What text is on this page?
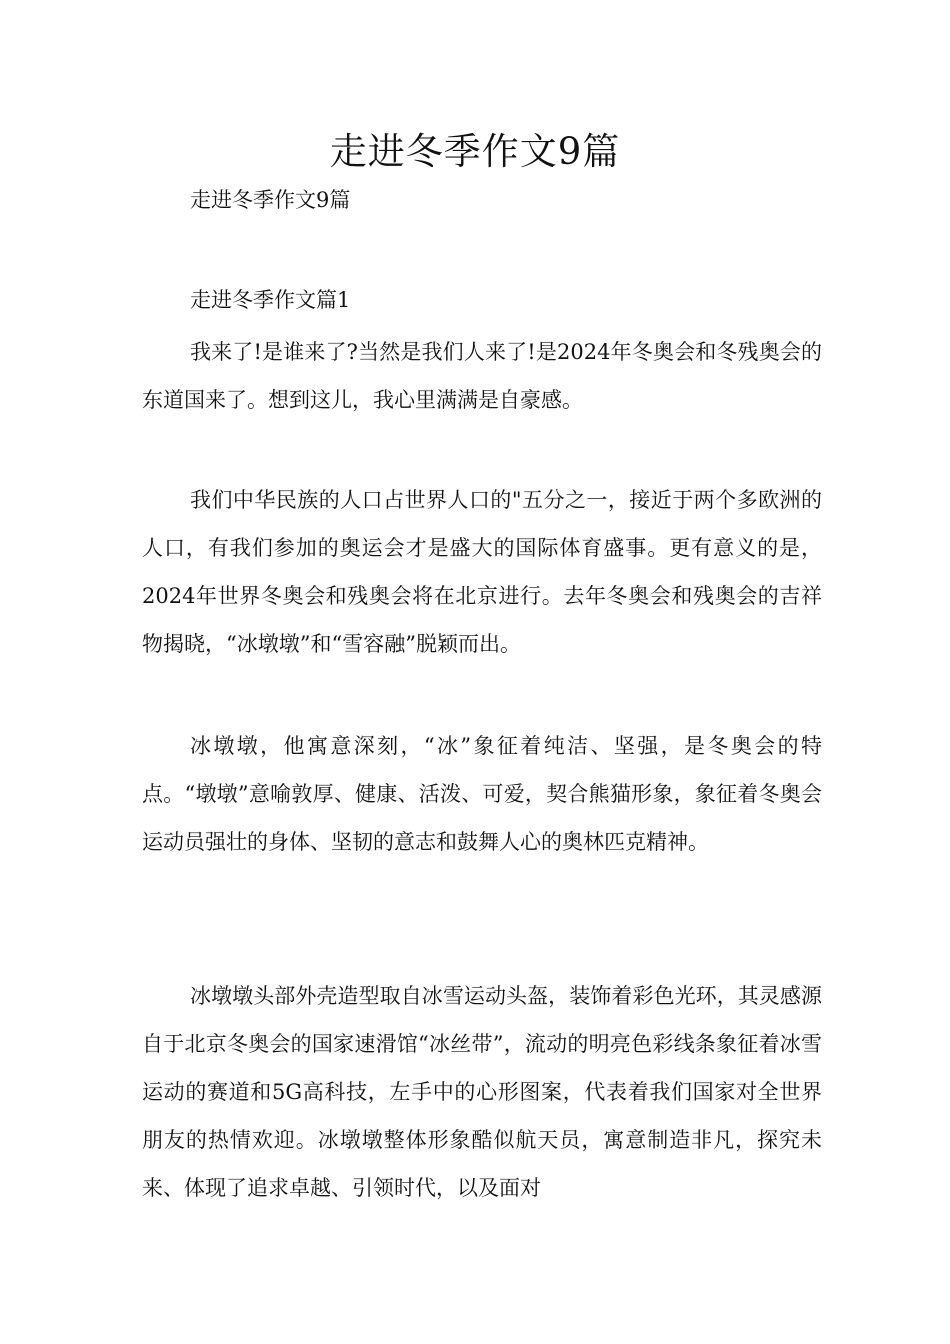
走进冬季作文9篇

走进冬季作文9篇

走进冬季作文篇1

我来了!是谁来了?当然是我们人来了!是2024年冬奥会和冬残奥会的东道国来了。想到这儿，我心里满满是自豪感。

我们中华民族的人口占世界人口的"五分之一，接近于两个多欧洲的人口，有我们参加的奥运会才是盛大的国际体育盛事。更有意义的是，2024年世界冬奥会和残奥会将在北京进行。去年冬奥会和残奥会的吉祥物揭晓，“冰墩墩”和“雪容融”脱颖而出。

冰墩墩，他寓意深刻，“冰”象征着纯洁、坚强，是冬奥会的特点。“墩墩”意喻敦厚、健康、活泼、可爱，契合熊猫形象，象征着冬奥会运动员强壮的身体、坚韧的意志和鼓舞人心的奥林匹克精神。

冰墩墩头部外壳造型取自冰雪运动头盔，装饰着彩色光环，其灵感源自于北京冬奥会的国家速滑馆“冰丝带”，流动的明亮色彩线条象征着冰雪运动的赛道和5G高科技，左手中的心形图案，代表着我们国家对全世界朋友的热情欢迎。冰墩墩整体形象酷似航天员，寓意制造非凡，探究未来、体现了追求卓越、引领时代，以及面对
